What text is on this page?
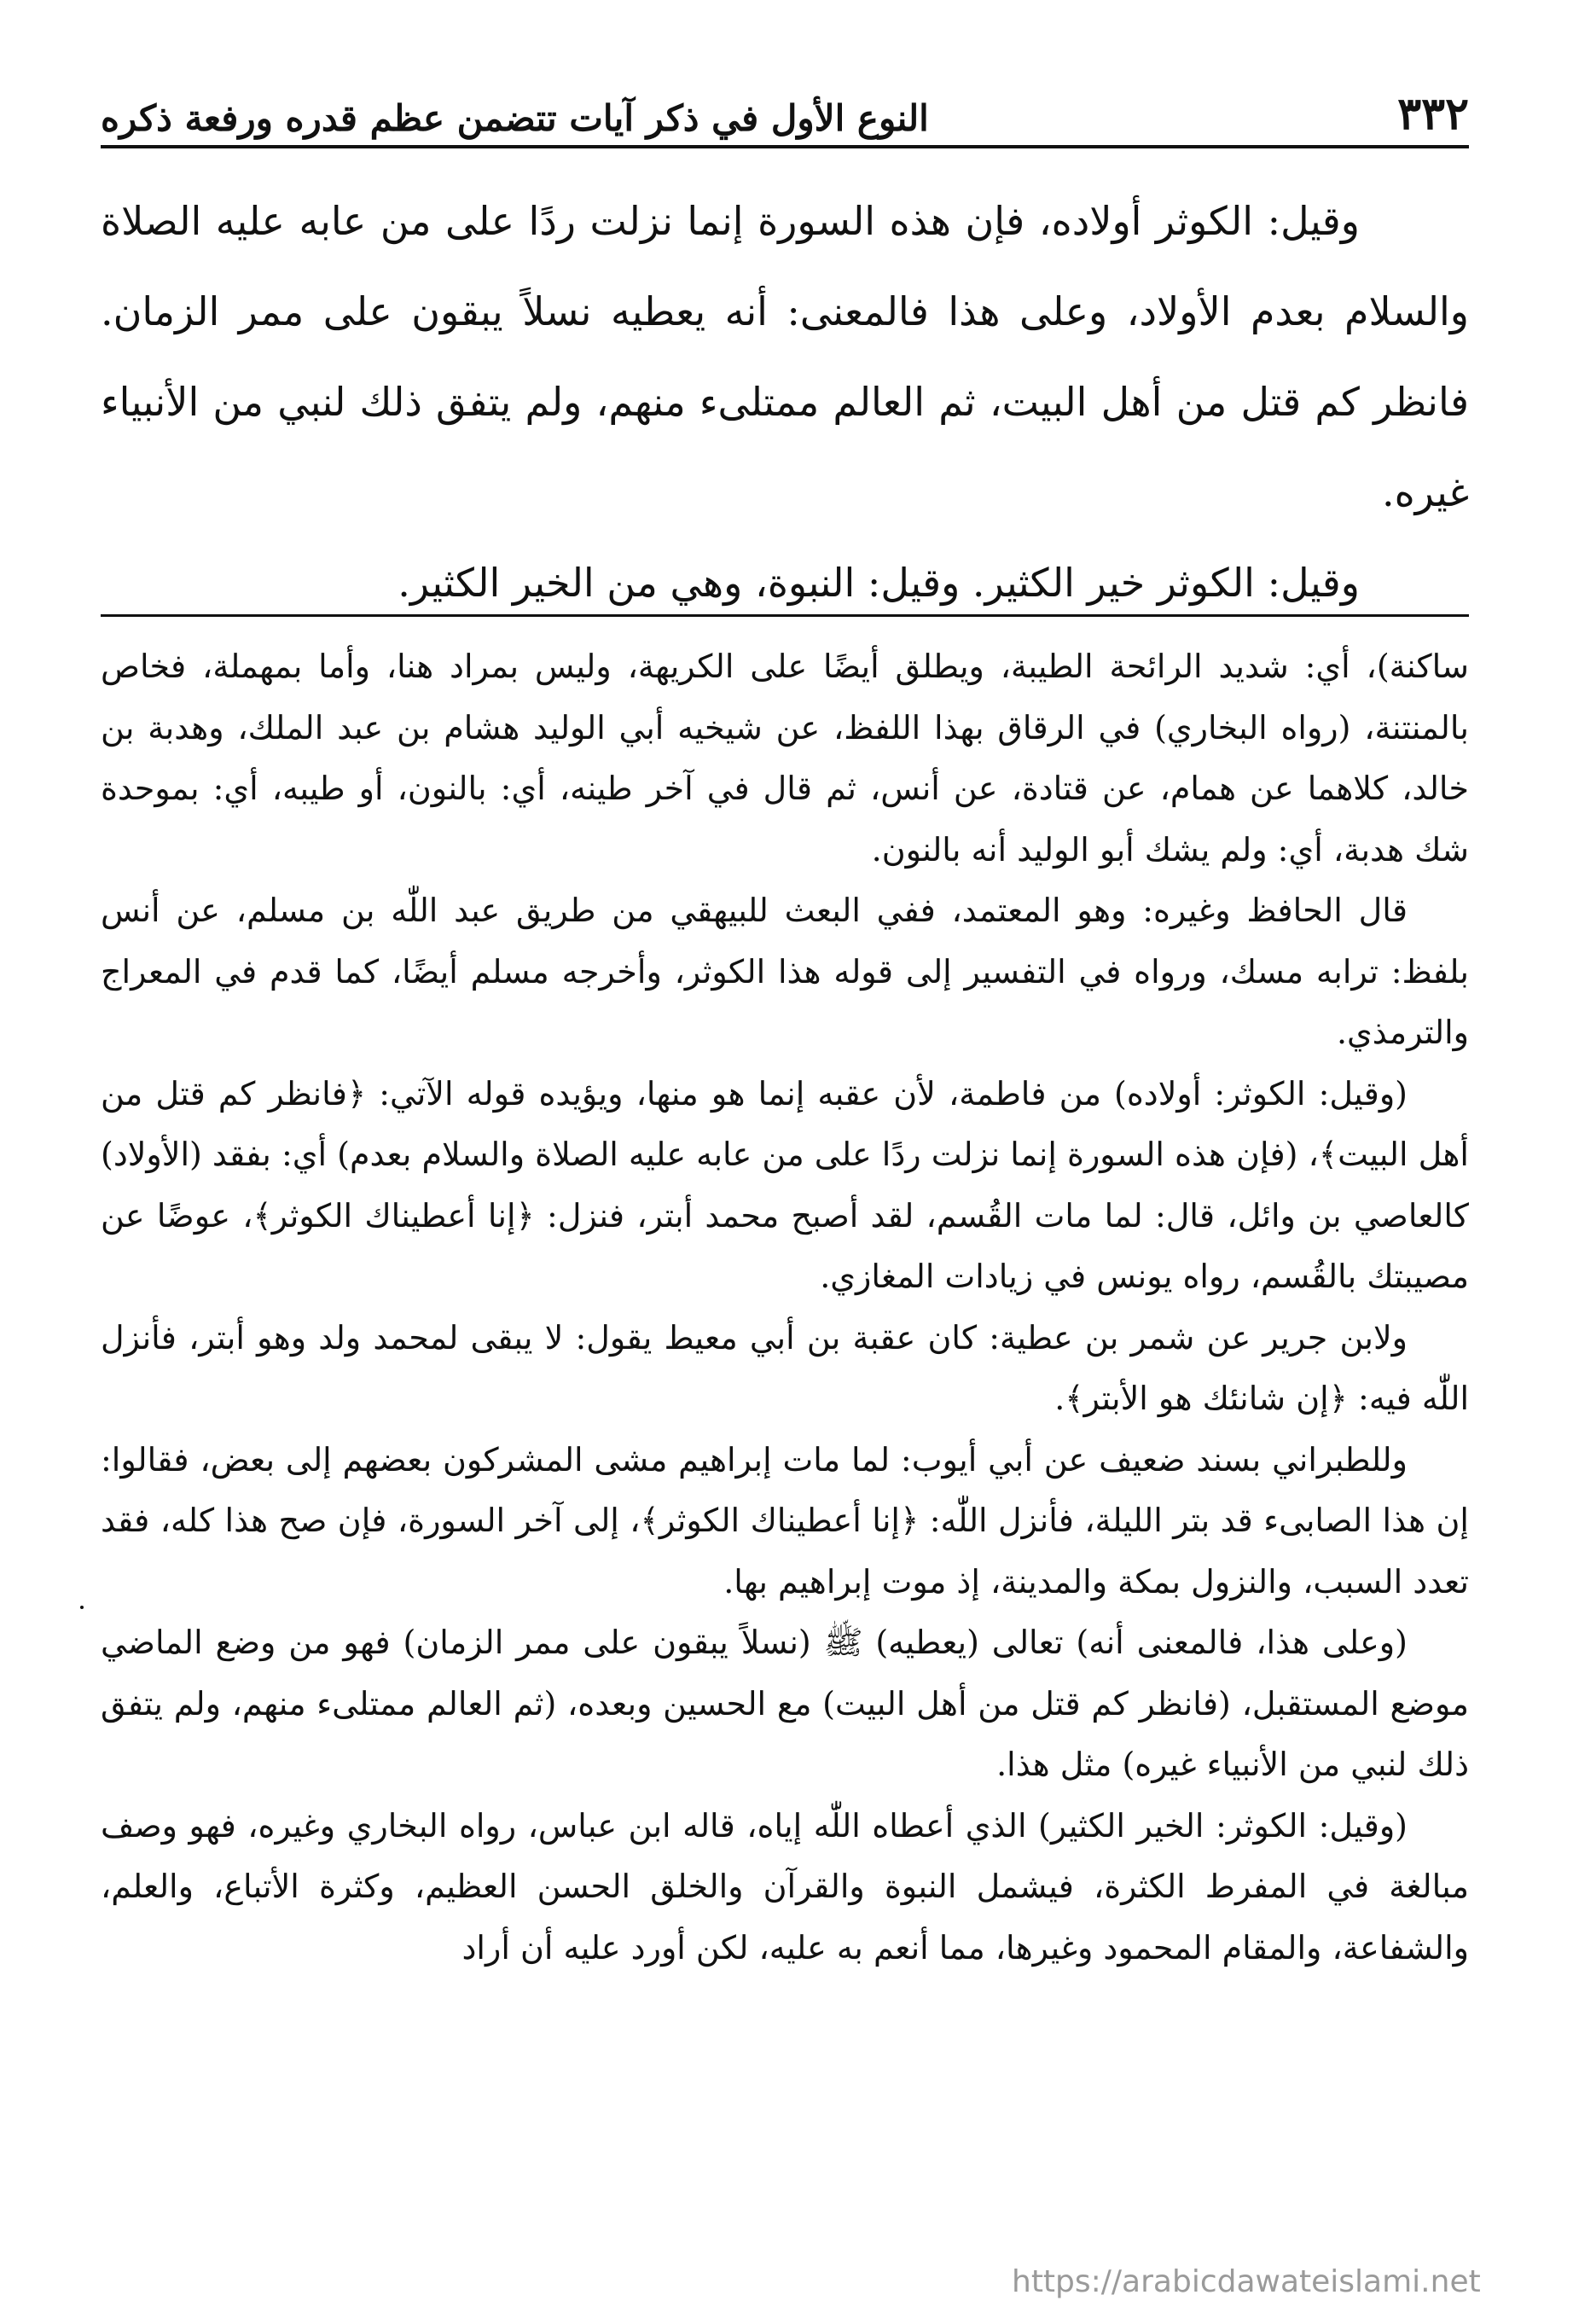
٣٣٢
النوع الأول في ذكر آيات تتضمن عظم قدره ورفعة ذكره

وقيل: الكوثر أولاده، فإن هذه السورة إنما نزلت ردًا على من عابه عليه الصلاة والسلام بعدم الأولاد، وعلى هذا فالمعنى: أنه يعطيه نسلاً يبقون على ممر الزمان. فانظر كم قتل من أهل البيت، ثم العالم ممتلىء منهم، ولم يتفق ذلك لنبي من الأنبياء غيره.

وقيل: الكوثر خير الكثير. وقيل: النبوة، وهي من الخير الكثير.

ساكنة)، أي: شديد الرائحة الطيبة، ويطلق أيضًا على الكريهة، وليس بمراد هنا، وأما بمهملة، فخاص بالمنتنة، (رواه البخاري) في الرقاق بهذا اللفظ، عن شيخيه أبي الوليد هشام بن عبد الملك، وهدبة بن خالد، كلاهما عن همام، عن قتادة، عن أنس، ثم قال في آخر طينه، أي: بالنون، أو طيبه، أي: بموحدة شك هدبة، أي: ولم يشك أبو الوليد أنه بالنون.

قال الحافظ وغيره: وهو المعتمد، ففي البعث للبيهقي من طريق عبد اللّٰه بن مسلم، عن أنس بلفظ: ترابه مسك، ورواه في التفسير إلى قوله هذا الكوثر، وأخرجه مسلم أيضًا، كما قدم في المعراج والترمذي.

(وقيل: الكوثر: أولاده) من فاطمة، لأن عقبه إنما هو منها، ويؤيده قوله الآتي: ﴿فانظر كم قتل من أهل البيت﴾، (فإن هذه السورة إنما نزلت ردًا على من عابه عليه الصلاة والسلام بعدم) أي: بفقد (الأولاد) كالعاصي بن وائل، قال: لما مات القُسم، لقد أصبح محمد أبتر، فنزل: ﴿إنا أعطيناك الكوثر﴾، عوضًا عن مصيبتك بالقُسم، رواه يونس في زيادات المغازي.

ولابن جرير عن شمر بن عطية: كان عقبة بن أبي معيط يقول: لا يبقى لمحمد ولد وهو أبتر، فأنزل اللّٰه فيه: ﴿إن شانئك هو الأبتر﴾.

وللطبراني بسند ضعيف عن أبي أيوب: لما مات إبراهيم مشى المشركون بعضهم إلى بعض، فقالوا: إن هذا الصابىء قد بتر الليلة، فأنزل اللّٰه: ﴿إنا أعطيناك الكوثر﴾، إلى آخر السورة، فإن صح هذا كله، فقد تعدد السبب، والنزول بمكة والمدينة، إذ موت إبراهيم بها.

(وعلى هذا، فالمعنى أنه) تعالى (يعطيه) ﷺ (نسلاً يبقون على ممر الزمان) فهو من وضع الماضي موضع المستقبل، (فانظر كم قتل من أهل البيت) مع الحسين وبعده، (ثم العالم ممتلىء منهم، ولم يتفق ذلك لنبي من الأنبياء غيره) مثل هذا.

(وقيل: الكوثر: الخير الكثير) الذي أعطاه اللّٰه إياه، قاله ابن عباس، رواه البخاري وغيره، فهو وصف مبالغة في المفرط الكثرة، فيشمل النبوة والقرآن والخلق الحسن العظيم، وكثرة الأتباع، والعلم، والشفاعة، والمقام المحمود وغيرها، مما أنعم به عليه، لكن أورد عليه أن أراد

https://arabicdawateislami.net
